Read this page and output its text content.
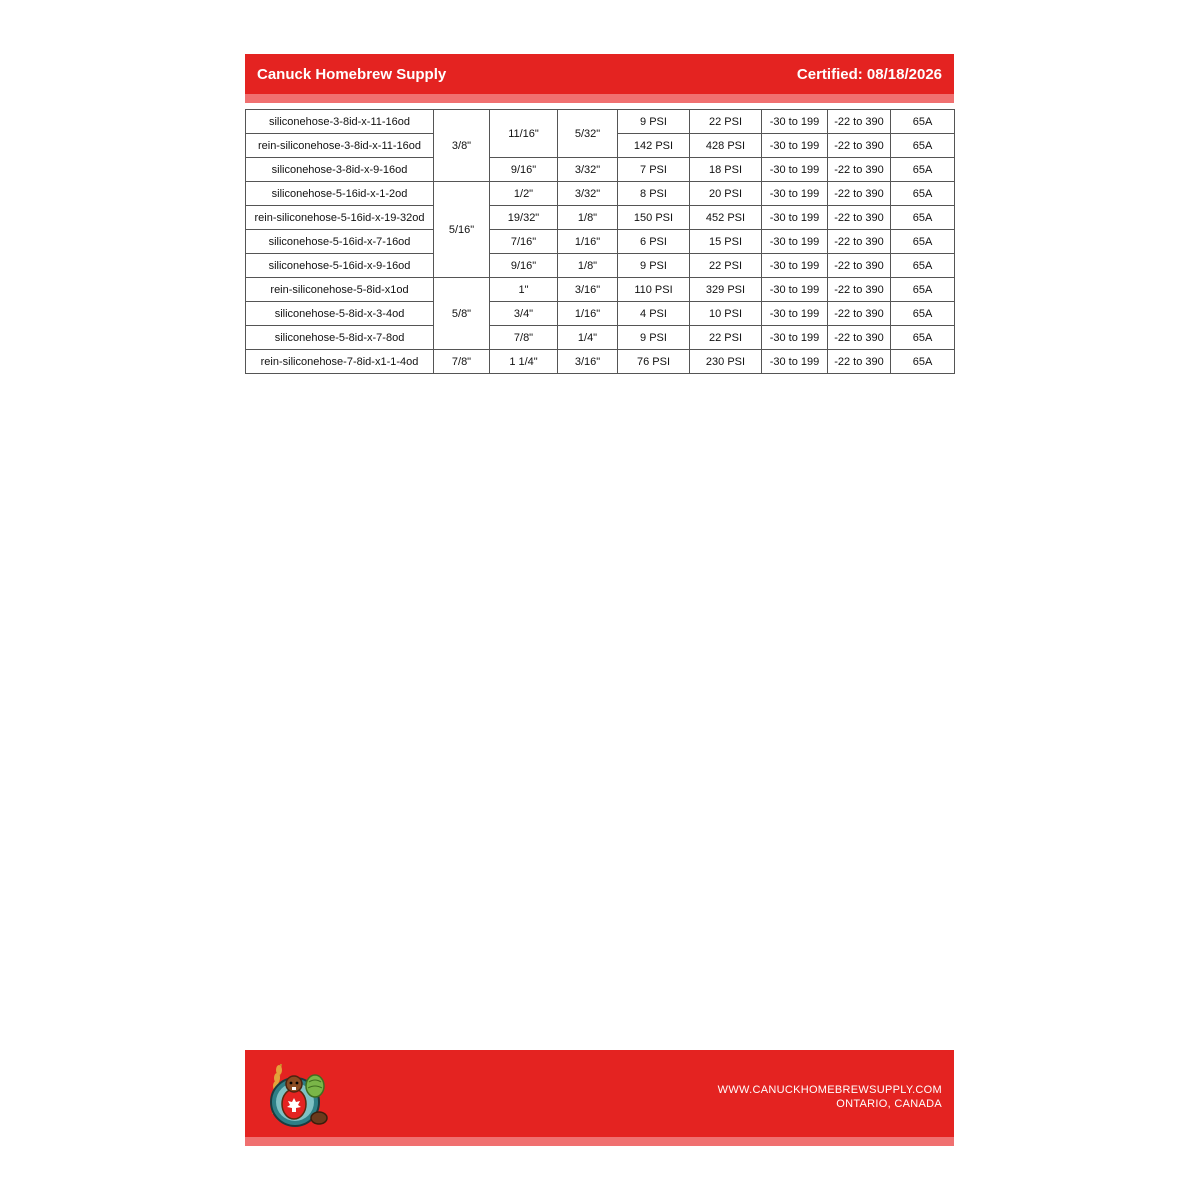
Canuck Homebrew Supply	Certified: 08/18/2026
siliconehose-3-8id-x-11-16od	3/8"	11/16"	5/32"	9 PSI	22 PSI	-30 to 199	-22 to 390	65A
rein-siliconehose-3-8id-x-11-16od				142 PSI	428 PSI	-30 to 199	-22 to 390	65A
siliconehose-3-8id-x-9-16od		9/16"	3/32"	7 PSI	18 PSI	-30 to 199	-22 to 390	65A
siliconehose-5-16id-x-1-2od	5/16"	1/2"	3/32"	8 PSI	20 PSI	-30 to 199	-22 to 390	65A
rein-siliconehose-5-16id-x-19-32od		19/32"	1/8"	150 PSI	452 PSI	-30 to 199	-22 to 390	65A
siliconehose-5-16id-x-7-16od		7/16"	1/16"	6 PSI	15 PSI	-30 to 199	-22 to 390	65A
siliconehose-5-16id-x-9-16od		9/16"	1/8"	9 PSI	22 PSI	-30 to 199	-22 to 390	65A
rein-siliconehose-5-8id-x1od	5/8"	1"	3/16"	110 PSI	329 PSI	-30 to 199	-22 to 390	65A
siliconehose-5-8id-x-3-4od		3/4"	1/16"	4 PSI	10 PSI	-30 to 199	-22 to 390	65A
siliconehose-5-8id-x-7-8od		7/8"	1/4"	9 PSI	22 PSI	-30 to 199	-22 to 390	65A
rein-siliconehose-7-8id-x1-1-4od	7/8"	1 1/4"	3/16"	76 PSI	230 PSI	-30 to 199	-22 to 390	65A
WWW.CANUCKHOMEBREWSUPPLY.COM
ONTARIO, CANADA
